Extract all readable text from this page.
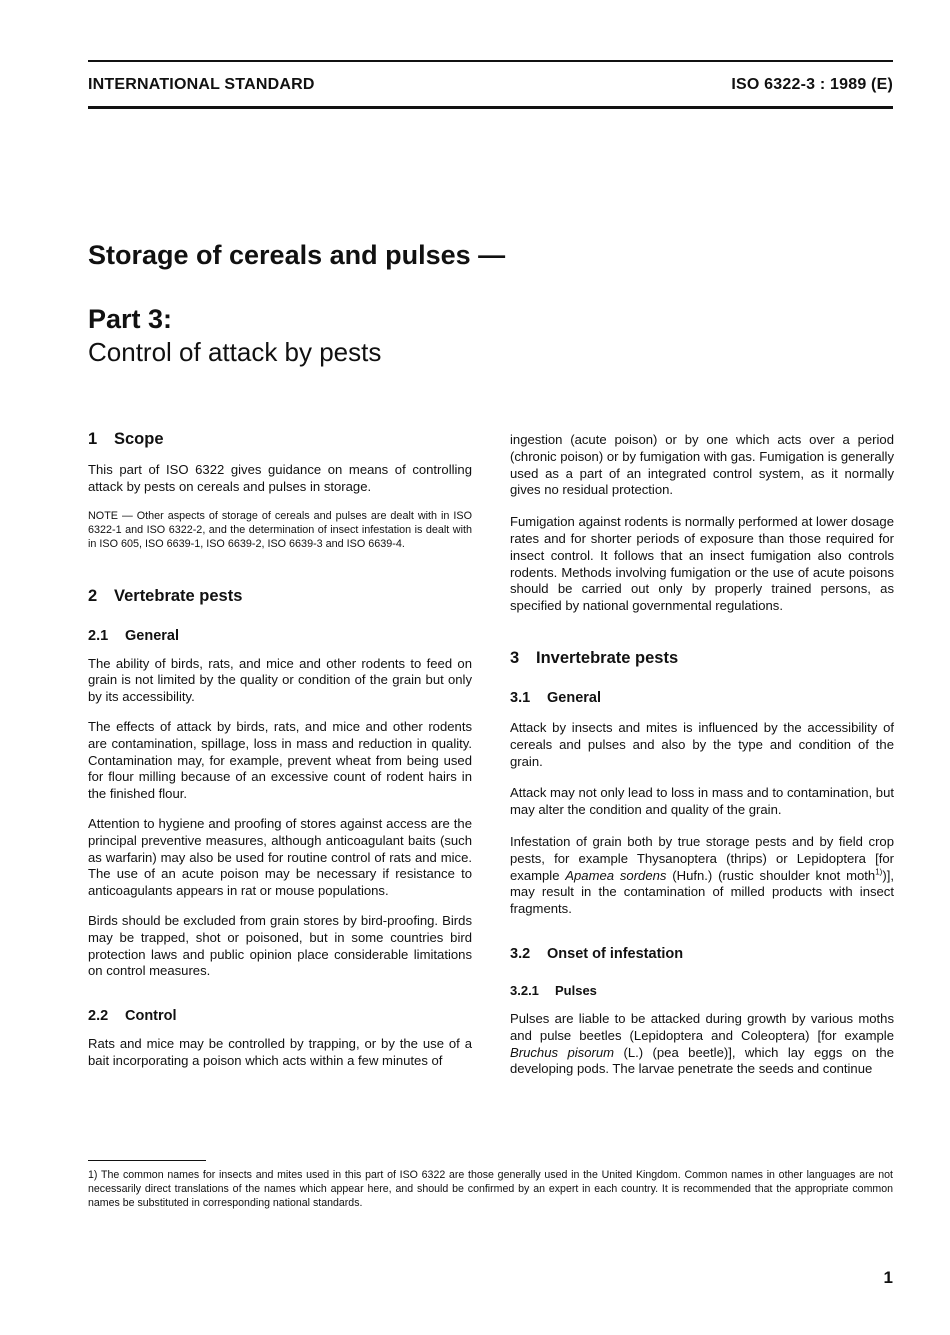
INTERNATIONAL STANDARD	ISO 6322-3 : 1989 (E)
Storage of cereals and pulses —
Part 3:
Control of attack by pests
1 Scope

This part of ISO 6322 gives guidance on means of controlling attack by pests on cereals and pulses in storage.

NOTE — Other aspects of storage of cereals and pulses are dealt with in ISO 6322-1 and ISO 6322-2, and the determination of insect infestation is dealt with in ISO 605, ISO 6639-1, ISO 6639-2, ISO 6639-3 and ISO 6639-4.

2 Vertebrate pests
2.1 General

The ability of birds, rats, and mice and other rodents to feed on grain is not limited by the quality or condition of the grain but only by its accessibility.

The effects of attack by birds, rats, and mice and other rodents are contamination, spillage, loss in mass and reduction in quality. Contamination may, for example, prevent wheat from being used for flour milling because of an excessive count of rodent hairs in the finished flour.

Attention to hygiene and proofing of stores against access are the principal preventive measures, although anticoagulant baits (such as warfarin) may also be used for routine control of rats and mice. The use of an acute poison may be necessary if resistance to anticoagulants appears in rat or mouse populations.

Birds should be excluded from grain stores by bird-proofing. Birds may be trapped, shot or poisoned, but in some countries bird protection laws and public opinion place considerable limitations on control measures.

2.2 Control

Rats and mice may be controlled by trapping, or by the use of a bait incorporating a poison which acts within a few minutes of

ingestion (acute poison) or by one which acts over a period (chronic poison) or by fumigation with gas. Fumigation is generally used as a part of an integrated control system, as it normally gives no residual protection.

Fumigation against rodents is normally performed at lower dosage rates and for shorter periods of exposure than those required for insect control. It follows that an insect fumigation also controls rodents. Methods involving fumigation or the use of acute poisons should be carried out only by properly trained persons, as specified by national governmental regulations.

3 Invertebrate pests
3.1 General

Attack by insects and mites is influenced by the accessibility of cereals and pulses and also by the type and condition of the grain.

Attack may not only lead to loss in mass and to contamination, but may alter the condition and quality of the grain.

Infestation of grain both by true storage pests and by field crop pests, for example Thysanoptera (thrips) or Lepidoptera [for example Apamea sordens (Hufn.) (rustic shoulder knot moth$^{1)}$)], may result in the contamination of milled products with insect fragments.

3.2 Onset of infestation
3.2.1 Pulses

Pulses are liable to be attacked during growth by various moths and pulse beetles (Lepidoptera and Coleoptera) [for example Bruchus pisorum (L.) (pea beetle)], which lay eggs on the developing pods. The larvae penetrate the seeds and continue

1) The common names for insects and mites used in this part of ISO 6322 are those generally used in the United Kingdom. Common names in other languages are not necessarily direct translations of the names which appear here, and should be confirmed by an expert in each country. It is recommended that the appropriate common names be substituted in corresponding national standards.

1
